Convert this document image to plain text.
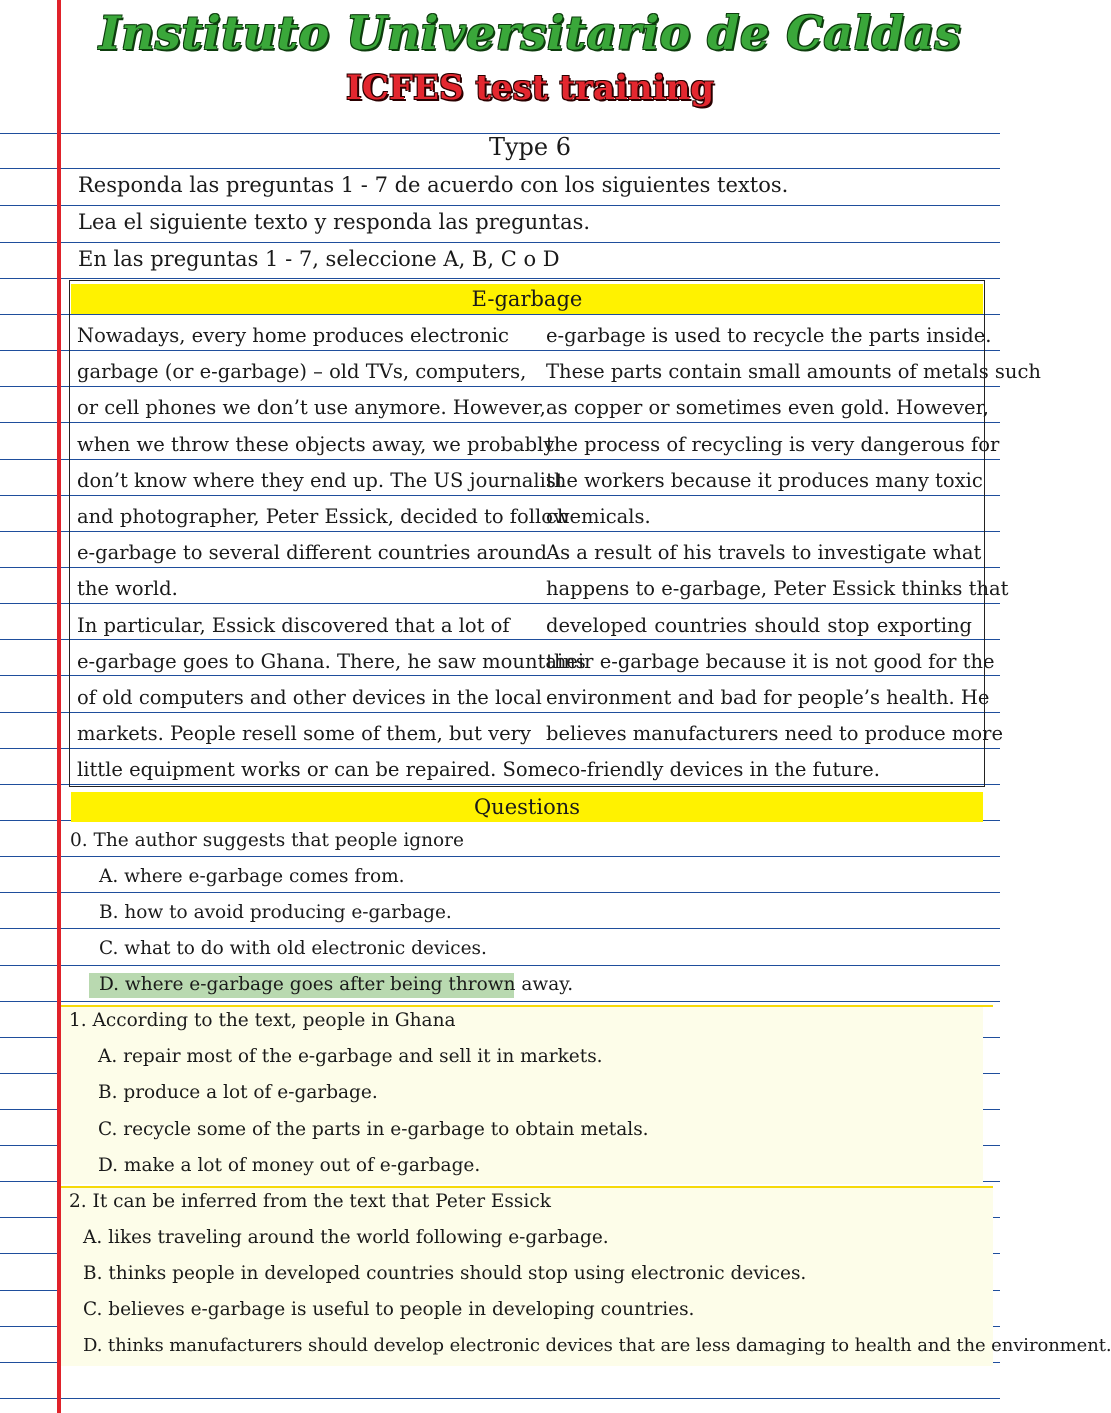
Instituto Universitario de Caldas
ICFES test training
Type 6
Responda las preguntas 1 - 7 de acuerdo con los siguientes textos.
Lea el siguiente texto y responda las preguntas.
En las preguntas 1 - 7, seleccione A, B, C o D
E-garbage
Nowadays, every home produces electronic
garbage (or e-garbage) – old TVs, computers,
or cell phones we don’t use anymore. However,
when we throw these objects away, we probably
don’t know where they end up. The US journalist
and photographer, Peter Essick, decided to follow
e-garbage to several different countries around
the world.
In particular, Essick discovered that a lot of
e-garbage goes to Ghana. There, he saw mountains
of old computers and other devices in the local
markets. People resell some of them, but very
little equipment works or can be repaired. Some
e-garbage is used to recycle the parts inside.
These parts contain small amounts of metals such
as copper or sometimes even gold. However,
the process of recycling is very dangerous for
the workers because it produces many toxic
chemicals.
As a result of his travels to investigate what
happens to e-garbage, Peter Essick thinks that
developed countries should stop exporting
their e-garbage because it is not good for the
environment and bad for people’s health. He
believes manufacturers need to produce more
eco-friendly devices in the future.
Questions
0. The author suggests that people ignore
A. where e-garbage comes from.
B. how to avoid producing e-garbage.
C. what to do with old electronic devices.
D. where e-garbage goes after being thrown away.
1. According to the text, people in Ghana
A. repair most of the e-garbage and sell it in markets.
B. produce a lot of e-garbage.
C. recycle some of the parts in e-garbage to obtain metals.
D. make a lot of money out of e-garbage.
2. It can be inferred from the text that Peter Essick
A. likes traveling around the world following e-garbage.
B. thinks people in developed countries should stop using electronic devices.
C. believes e-garbage is useful to people in developing countries.
D. thinks manufacturers should develop electronic devices that are less damaging to health and the environment.
